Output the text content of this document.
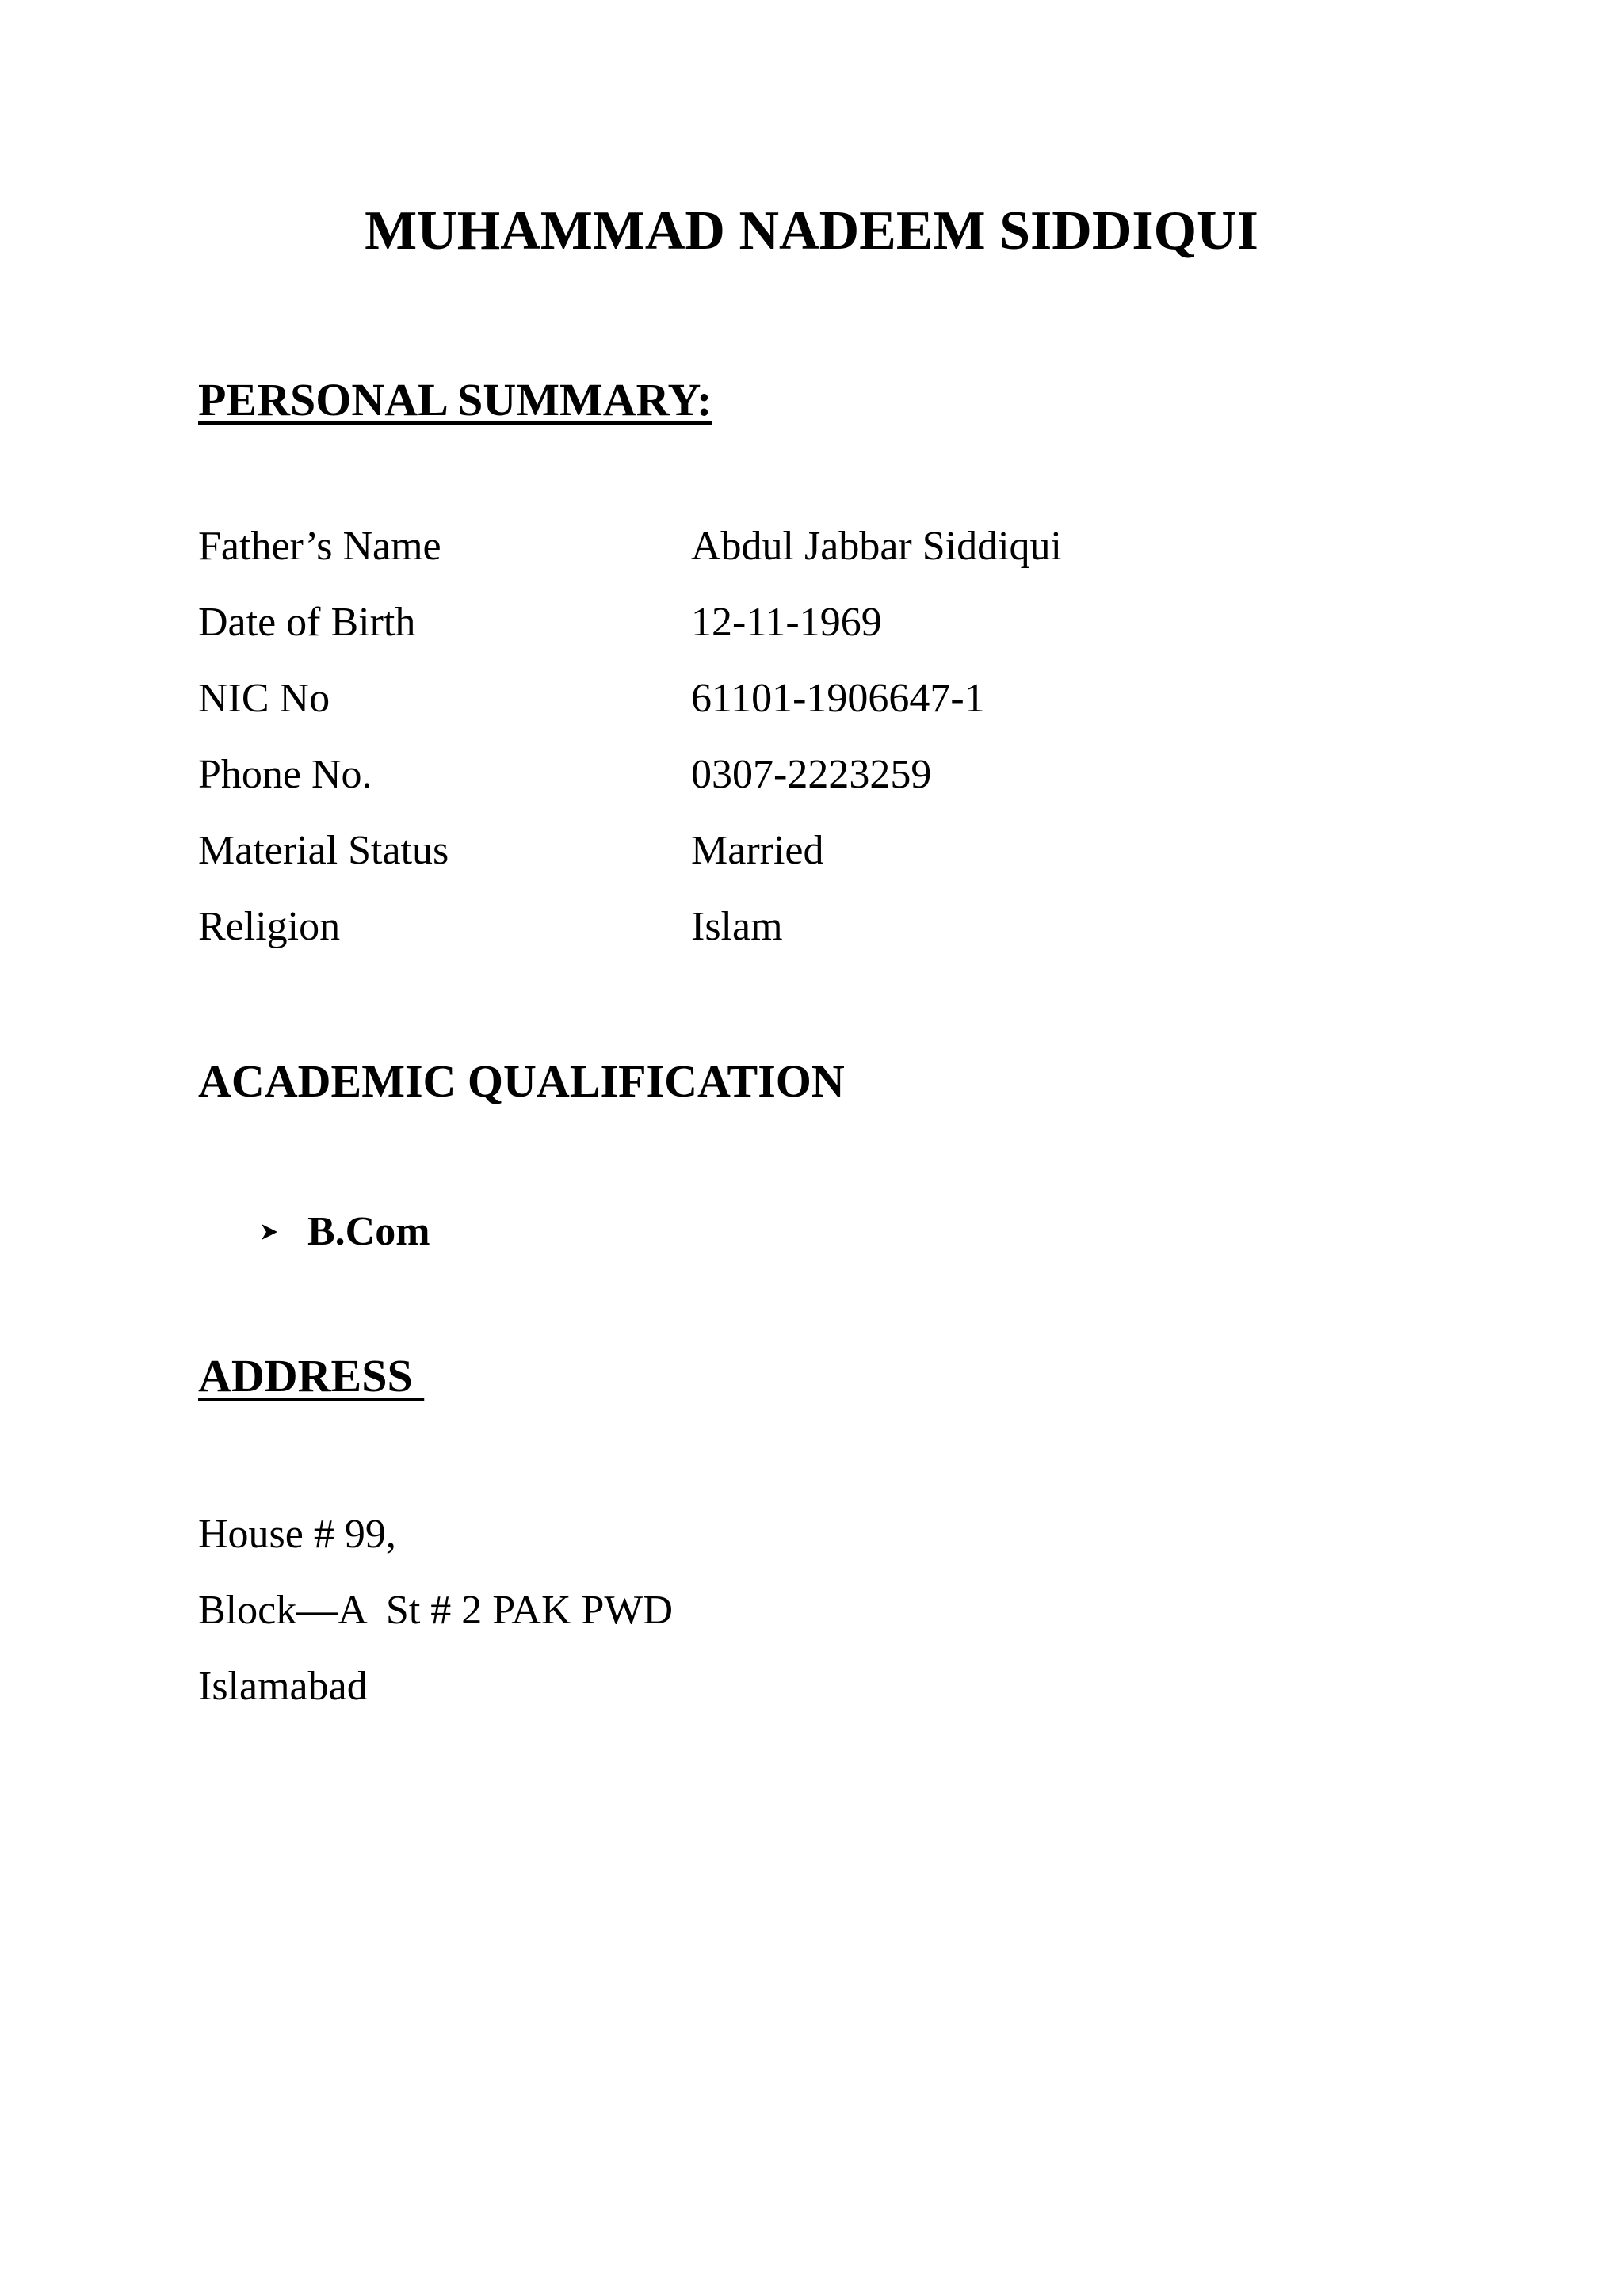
MUHAMMAD NADEEM SIDDIQUI
PERSONAL SUMMARY:
Father’s Name	Abdul Jabbar Siddiqui
Date of Birth	12-11-1969
NIC No	61101-1906647-1
Phone No.	0307-2223259
Material Status	Married
Religion	Islam
ACADEMIC QUALIFICATION
B.Com
ADDRESS
House # 99,
Block—A  St # 2 PAK PWD
Islamabad
